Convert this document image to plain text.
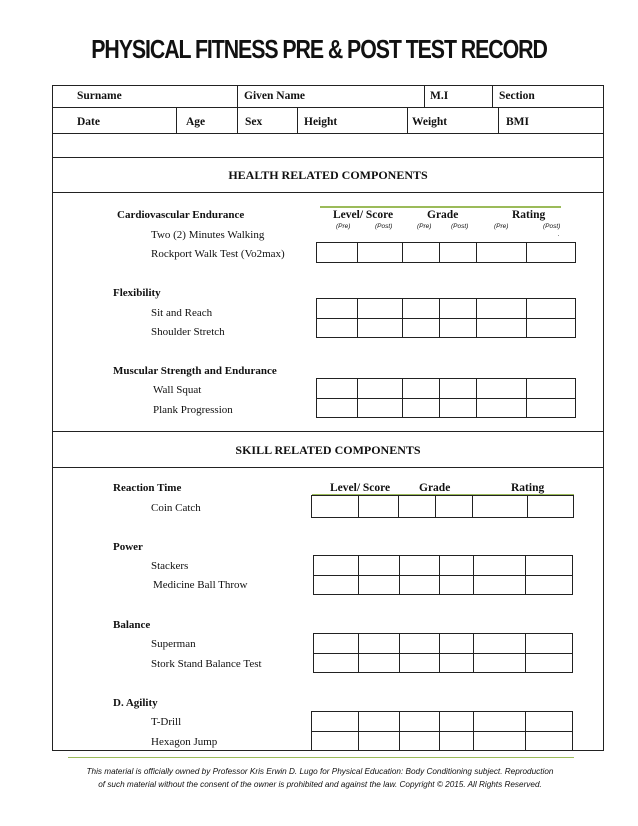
PHYSICAL FITNESS PRE & POST TEST RECORD
Surname	Given Name	M.I	Section
Date	Age	Sex	Height	Weight	BMI
HEALTH RELATED COMPONENTS
Cardiovascular Endurance	Level/ Score	Grade	Rating
(Pre)	(Post)	(Pre)	(Post)	(Pre)	(Post)
.
Two (2) Minutes Walking
Rockport Walk Test (Vo2max)

Flexibility
Sit and Reach
Shoulder Stretch

Muscular Strength and Endurance
Wall Squat
Plank Progression

SKILL RELATED COMPONENTS
Reaction Time	Level/ Score	Grade	Rating
Coin Catch

Power
Stackers
Medicine Ball Throw

Balance
Superman
Stork Stand Balance Test

D. Agility
T-Drill
Hexagon Jump

This material is officially owned by Professor Kris Erwin D. Lugo for Physical Education: Body Conditioning subject. Reproduction
of such material without the consent of the owner is prohibited and against the law. Copyright © 2015. All Rights Reserved.
